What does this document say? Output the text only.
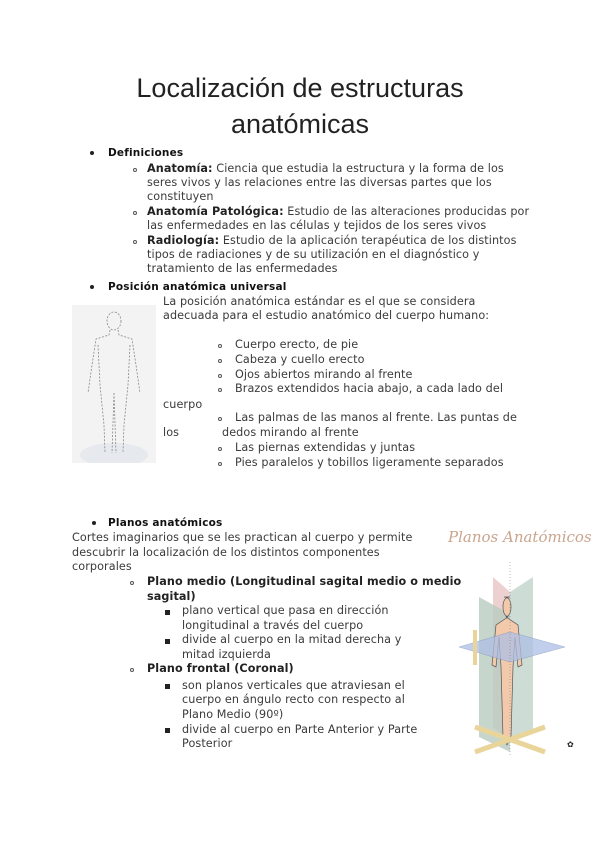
Localización de estructuras
anatómicas
Definiciones
Anatomía: Ciencia que estudia la estructura y la forma de los
seres vivos y las relaciones entre las diversas partes que los
constituyen
Anatomía Patológica: Estudio de las alteraciones producidas por
las enfermedades en las células y tejidos de los seres vivos
Radiología: Estudio de la aplicación terapéutica de los distintos
tipos de radiaciones y de su utilización en el diagnóstico y
tratamiento de las enfermedades
Posición anatómica universal
La posición anatómica estándar es el que se considera
adecuada para el estudio anatómico del cuerpo humano:
Cuerpo erecto, de pie
Cabeza y cuello erecto
Ojos abiertos mirando al frente
Brazos extendidos hacia abajo, a cada lado del
cuerpo
Las palmas de las manos al frente. Las puntas de
los	dedos mirando al frente
Las piernas extendidas y juntas
Pies paralelos y tobillos ligeramente separados
Planos anatómicos
Cortes imaginarios que se les practican al cuerpo y permite
descubrir la localización de los distintos componentes
corporales
Plano medio (Longitudinal sagital medio o medio
sagital)
plano vertical que pasa en dirección
longitudinal a través del cuerpo
divide al cuerpo en la mitad derecha y
mitad izquierda
Plano frontal (Coronal)
son planos verticales que atraviesan el
cuerpo en ángulo recto con respecto al
Plano Medio (90º)
divide al cuerpo en Parte Anterior y Parte
Posterior
Planos Anatómicos
✿
